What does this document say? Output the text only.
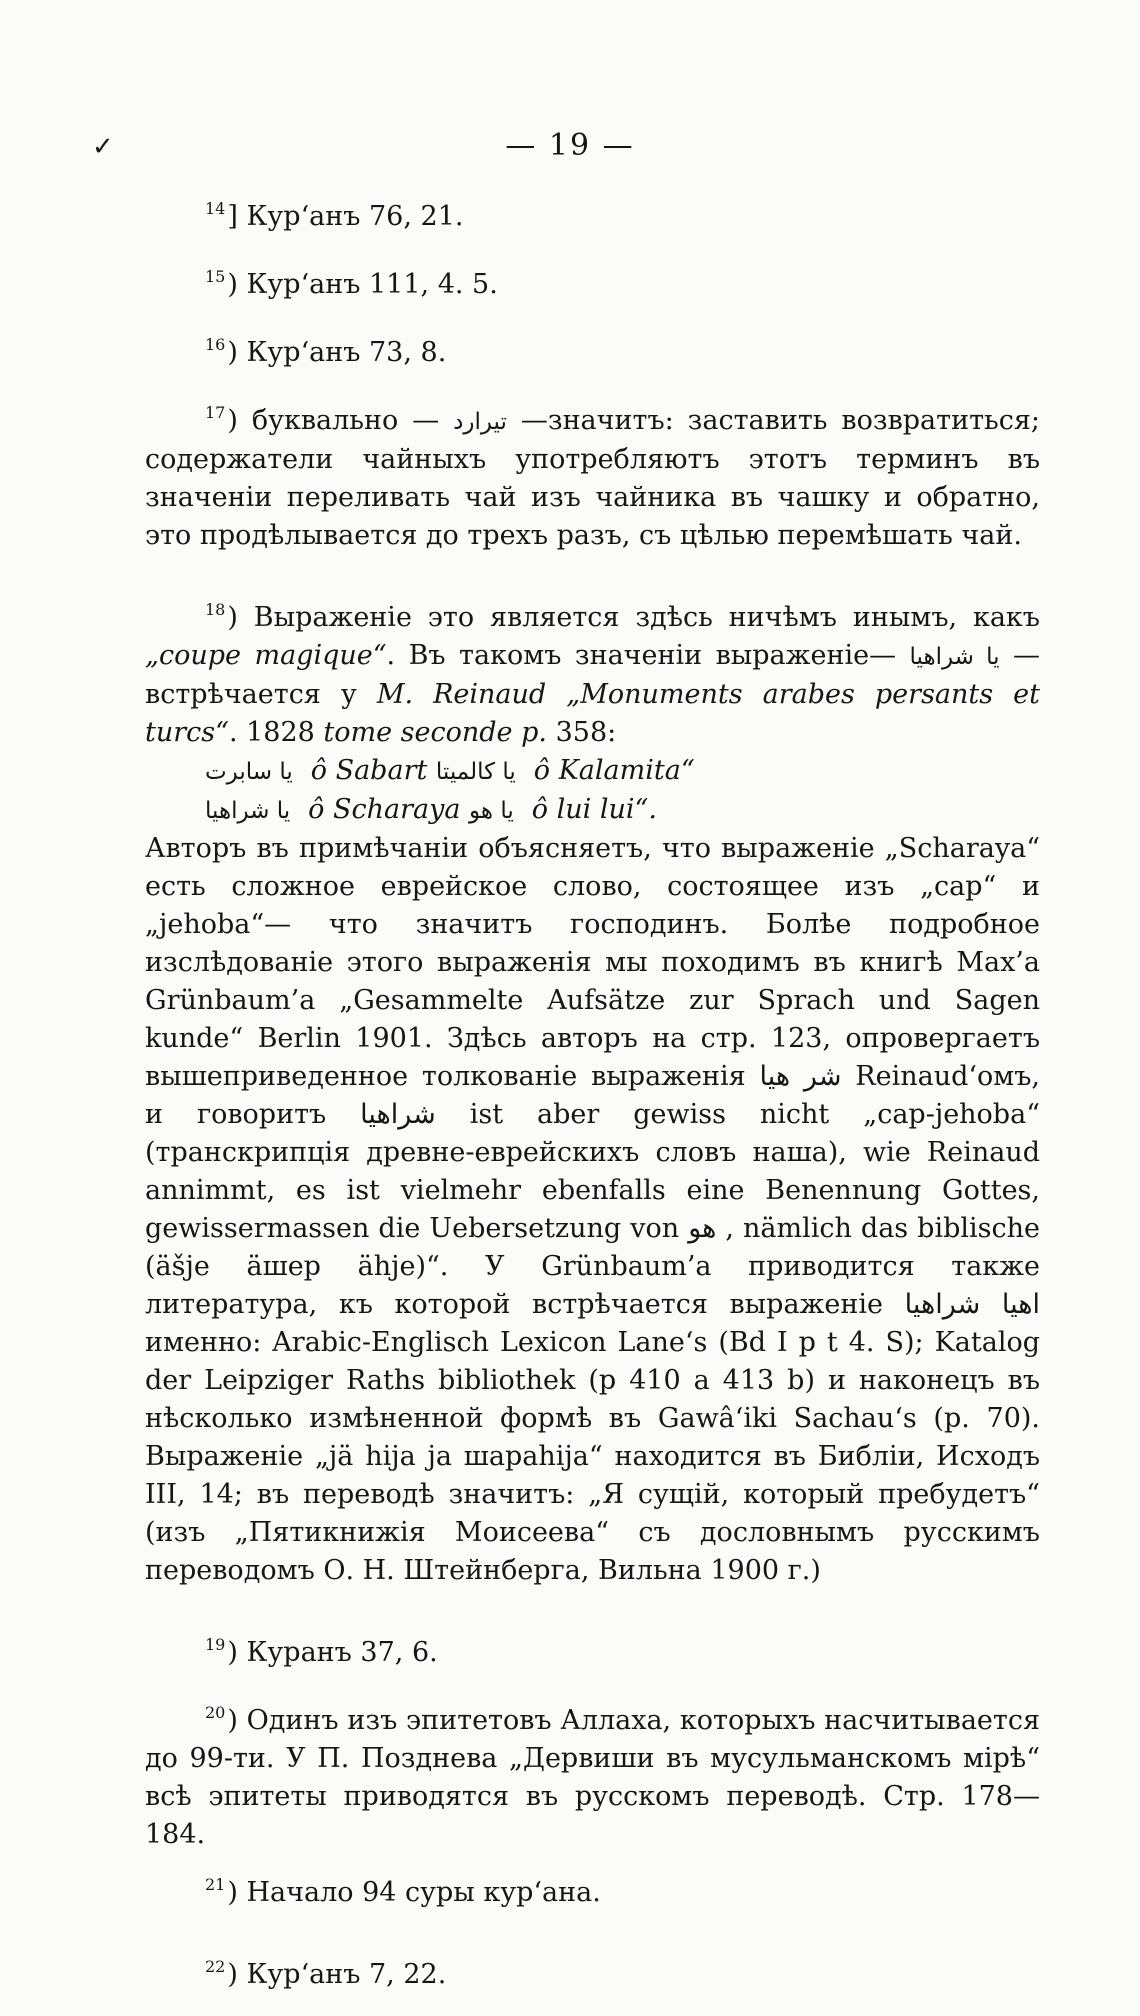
✓	— 19 —
$^{14}$] Кур‘анъ 76, 21.
$^{15}$) Кур‘анъ 111, 4. 5.
$^{16}$) Кур‘анъ 73, 8.
$^{17}$) буквально — تيرارد —значитъ: заставить возвратиться; содержатели чайныхъ употребляютъ этотъ терминъ въ значенiи переливать чай изъ чайника въ чашку и обратно, это продѣлывается до трехъ разъ, съ цѣлью перемѣшать чай.

$^{18}$) Выраженiе это является здѣсь ничѣмъ инымъ, какъ „coupe magique“. Въ такомъ значенiи выраженiе— یا شراهیا —встрѣчается у M. Reinaud „Monuments arabes persants et turcs“. 1828 tome seconde p. 358:

یا سابرت ô Sabart یا کالمیتا ô Kalamita“

یا شراهیا ô Scharaya یا هو ô lui lui“.

Авторъ въ примѣчанiи объясняетъ, что выраженiе „Scharaya“ есть сложное еврейское слово, состоящее изъ „cap“ и „jehoba“— что значитъ господинъ. Болѣе подробное изслѣдованiе этого выраженiя мы походимъ въ книгѣ Max’a Grünbaum’a „Gesammelte Aufsätze zur Sprach und Sagen kunde“ Berlin 1901. Здѣсь авторъ на стр. 123, опровергаетъ вышеприведенное толкованiе выраженiя شر هیا Reinaud‘омъ, и говоритъ شراهیا ist aber gewiss nicht „cap-jehoba“ (транскрипцiя древне-еврейскихъ словъ наша), wie Reinaud annimmt, es ist vielmehr ebenfalls eine Benennung Gottes, gewissermassen die Uebersetzung von هو , nämlich das biblische (äšje äшер ähje)“. У Grünbaum’a приводится также литература, къ которой встрѣчается выраженiе اهیا شراهیا именно: Arabic-Englisch Lexicon Lane‘s (Bd I p t 4. S); Katalog der Leipziger Raths bibliothek (p 410 a 413 b) и наконецъ въ нѣсколько измѣненной формѣ въ Gawâ‘iki Sachau‘s (p. 70). Выраженiе „jä hija ja шараhija“ находится въ Библiи, Исходъ III, 14; въ переводѣ значитъ: „Я сущiй, который пребудетъ“ (изъ „Пятикнижiя Моисеева“ съ дословнымъ русскимъ переводомъ О. Н. Штейнберга, Вильна 1900 г.)

$^{19}$) Куранъ 37, 6.
$^{20}$) Одинъ изъ эпитетовъ Аллаха, которыхъ насчитывается до 99-ти. У П. Позднева „Дервиши въ мусульманскомъ мiрѣ“ всѣ эпитеты приводятся въ русскомъ переводѣ. Стр. 178—184.
$^{21}$) Начало 94 суры кур‘ана.
$^{22}$) Кур‘анъ 7, 22.
